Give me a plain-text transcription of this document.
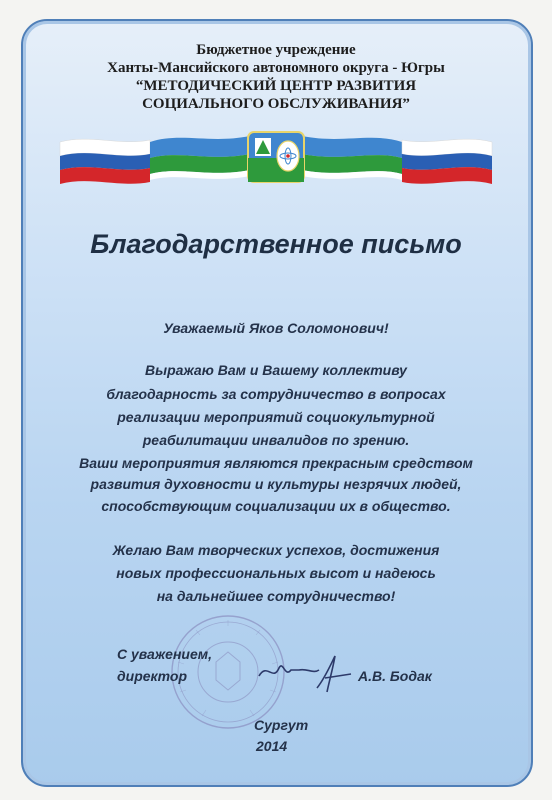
Бюджетное учреждение
Ханты-Мансийского автономного округа - Югры
“МЕТОДИЧЕСКИЙ ЦЕНТР РАЗВИТИЯ
СОЦИАЛЬНОГО ОБСЛУЖИВАНИЯ”
Благодарственное письмо
Уважаемый Яков Соломонович!
Выражаю Вам и Вашему коллективу
благодарность за сотрудничество в вопросах
реализации мероприятий социокультурной
реабилитации инвалидов по зрению.
Ваши мероприятия являются прекрасным средством
развития духовности и культуры незрячих людей,
способствующим социализации их в общество.
Желаю Вам творческих успехов, достижения
новых профессиональных высот и надеюсь
на дальнейшее сотрудничество!
С уважением,
директор	А.В. Бодак
Сургут
2014
